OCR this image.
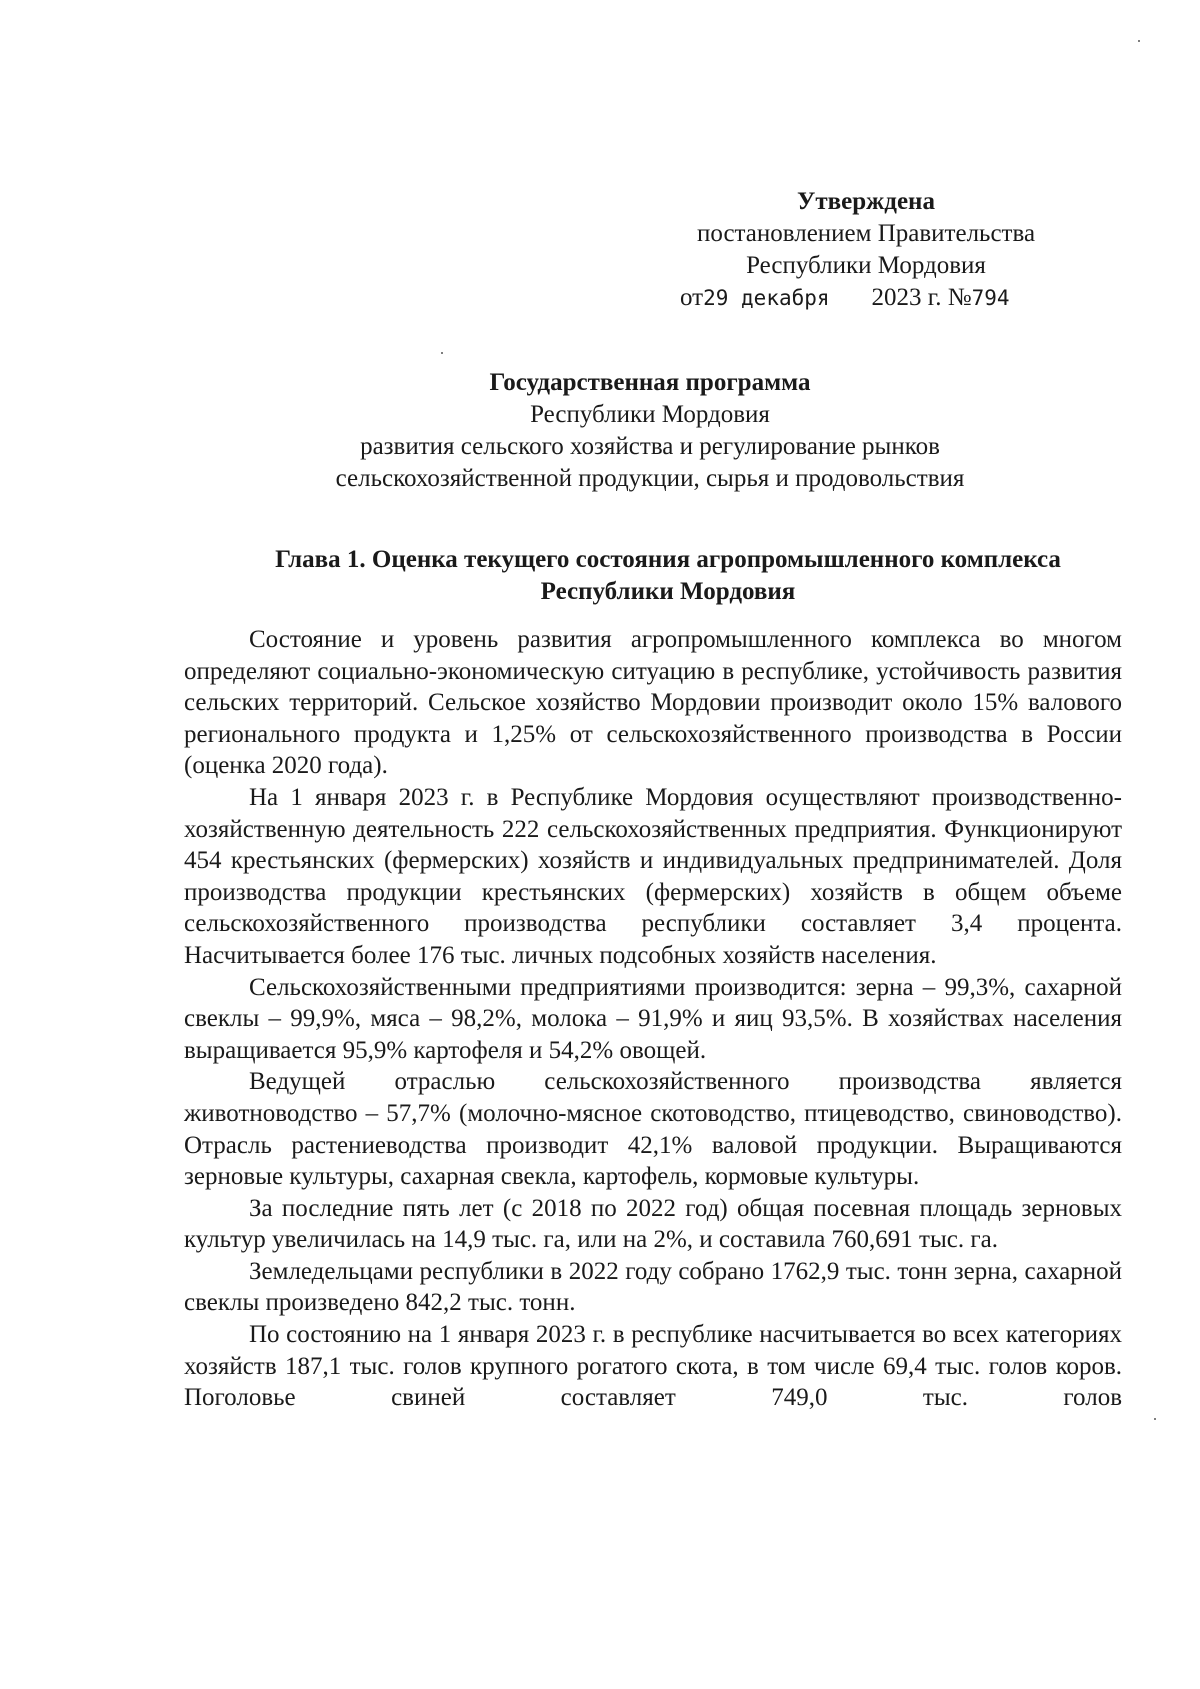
Утверждена
постановлением Правительства
Республики Мордовия
от29 декабря 2023 г. №794
Государственная программа
Республики Мордовия
развития сельского хозяйства и регулирование рынков
сельскохозяйственной продукции, сырья и продовольствия
Глава 1. Оценка текущего состояния агропромышленного комплекса
Республики Мордовия

Состояние и уровень развития агропромышленного комплекса во многом определяют социально-экономическую ситуацию в республике, устойчивость развития сельских территорий. Сельское хозяйство Мордовии производит около 15% валового регионального продукта и 1,25% от сельскохозяйственного производства в России (оценка 2020 года).

На 1 января 2023 г. в Республике Мордовия осуществляют производственно-хозяйственную деятельность 222 сельскохозяйственных предприятия. Функционируют 454 крестьянских (фермерских) хозяйств и индивидуальных предпринимателей. Доля производства продукции крестьянских (фермерских) хозяйств в общем объеме сельскохозяйственного производства республики составляет 3,4 процента. Насчитывается более 176 тыс. личных подсобных хозяйств населения.

Сельскохозяйственными предприятиями производится: зерна – 99,3%, сахарной свеклы – 99,9%, мяса – 98,2%, молока – 91,9% и яиц 93,5%. В хозяйствах населения выращивается 95,9% картофеля и 54,2% овощей.

Ведущей отраслью сельскохозяйственного производства является животноводство – 57,7% (молочно-мясное скотоводство, птицеводство, свиноводство). Отрасль растениеводства производит 42,1% валовой продукции. Выращиваются зерновые культуры, сахарная свекла, картофель, кормовые культуры.

За последние пять лет (с 2018 по 2022 год) общая посевная площадь зерновых культур увеличилась на 14,9 тыс. га, или на 2%, и составила 760,691 тыс. га.

Земледельцами республики в 2022 году собрано 1762,9 тыс. тонн зерна, сахарной свеклы произведено 842,2 тыс. тонн.

По состоянию на 1 января 2023 г. в республике насчитывается во всех категориях хозяйств 187,1 тыс. голов крупного рогатого скота, в том числе 69,4 тыс. голов коров. Поголовье свиней составляет 749,0 тыс. голов
